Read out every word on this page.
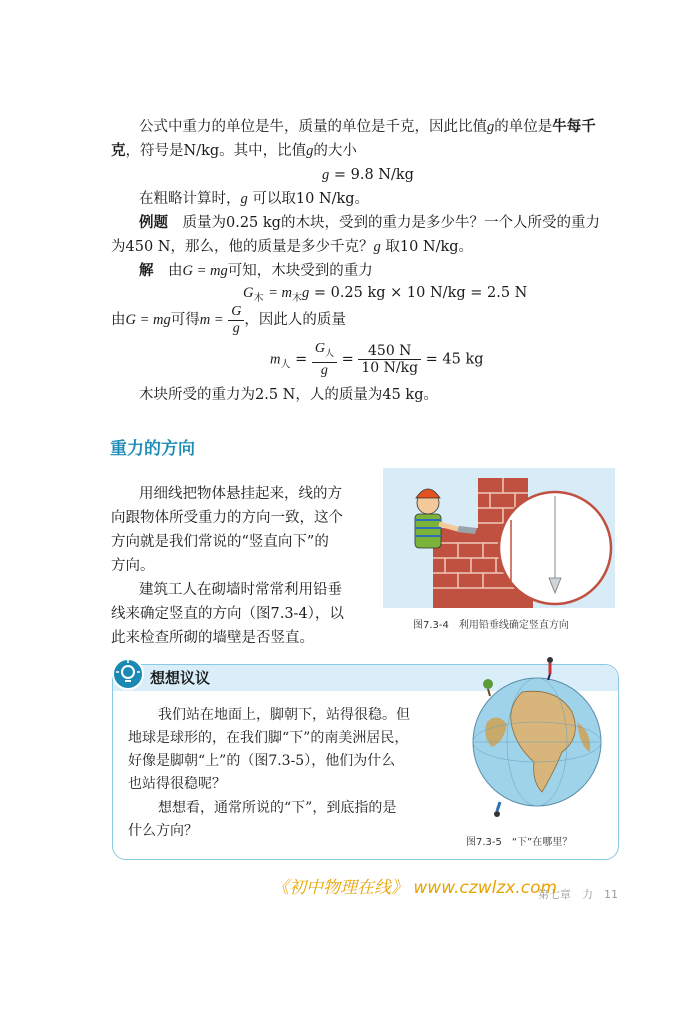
公式中重力的单位是牛，质量的单位是千克，因此比值g的单位是牛每千
克，符号是N/kg。其中，比值g的大小
g = 9.8 N/kg
在粗略计算时，g 可以取10 N/kg。
例题　 质量为0.25 kg的木块，受到的重力是多少牛？一个人所受的重力
为450 N，那么，他的质量是多少千克？g 取10 N/kg。
解　 由G = mg可知，木块受到的重力
$G_木 = m_木g = 0.25$ kg × 10 N/kg = 2.5 N
由G = mg可得$m = \frac{G}{g}$ ，因此人的质量
$m_人 = \frac{G_人}{g} = \frac{450 N}{10 N/kg} = 45$ kg
木块所受的重力为2.5 N，人的质量为45 kg。
重力的方向
用细线把物体悬挂起来，线的方
向跟物体所受重力的方向一致，这个
方向就是我们常说的“竖直向下”的
方向。
建筑工人在砌墙时常常利用铅垂
线来确定竖直的方向（图7.3-4），以
此来检查所砌的墙壁是否竖直。
图7.3-4　利用铅垂线确定竖直方向
想想议议
我们站在地面上，脚朝下，站得很稳。但
地球是球形的，在我们脚“下”的南美洲居民，
好像是脚朝“上”的（图7.3-5），他们为什么
也站得很稳呢？
想想看，通常所说的“下”，到底指的是
什么方向？
图7.3-5　“下”在哪里？
《初中物理在线》 www.czwlzx.com
第七章　力　11
